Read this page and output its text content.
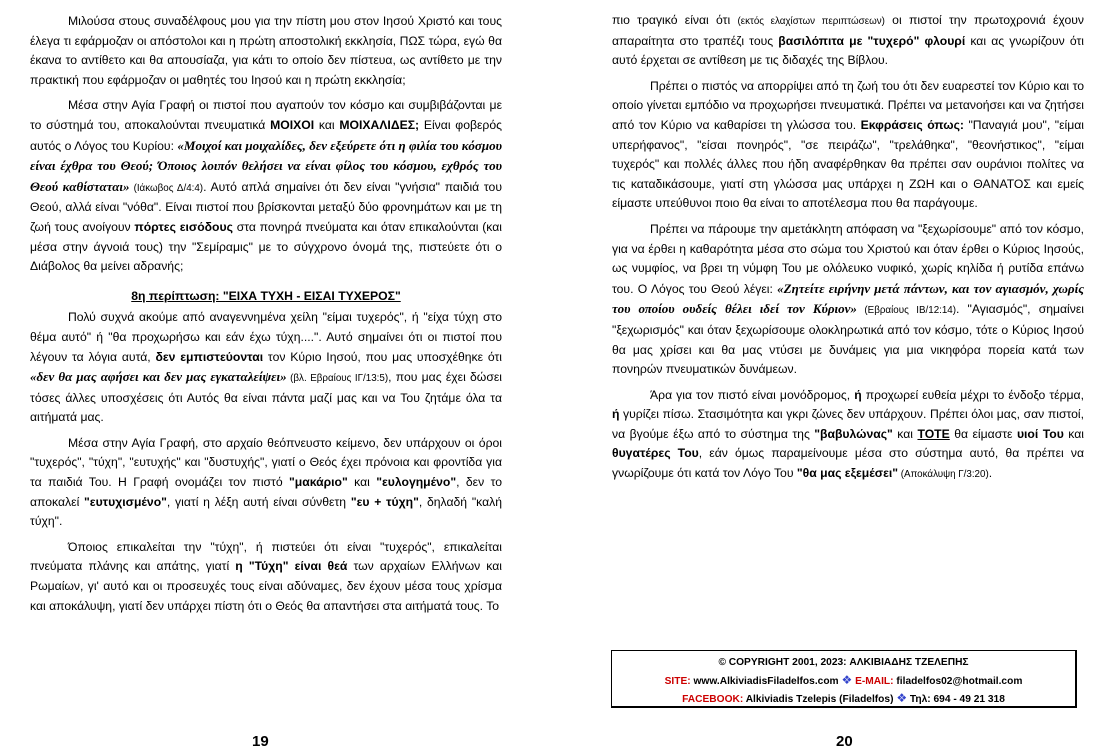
Μιλούσα στους συναδέλφους μου για την πίστη μου στον Ιησού Χριστό και τους έλεγα τι εφάρμοζαν οι απόστολοι και η πρώτη αποστολική εκκλησία, ΠΩΣ τώρα, εγώ θα έκανα το αντίθετο και θα απουσίαζα, για κάτι το οποίο δεν πίστευα, ως αντίθετο με την πρακτική που εφάρμοζαν οι μαθητές του Ιησού και η πρώτη εκκλησία;

Μέσα στην Αγία Γραφή οι πιστοί που αγαπούν τον κόσμο και συμβιβάζονται με το σύστημά του, αποκαλούνται πνευματικά ΜΟΙΧΟΙ και ΜΟΙΧΑΛΙΔΕΣ; Είναι φοβερός αυτός ο Λόγος του Κυρίου: «Μοιχοί και μοιχαλίδες, δεν εξεύρετε ότι η φιλία του κόσμου είναι έχθρα του Θεού; Όποιος λοιπόν θελήσει να είναι φίλος του κόσμου, εχθρός του Θεού καθίσταται» (Ιάκωβος Δ/4:4). Αυτό απλά σημαίνει ότι δεν είναι "γνήσια" παιδιά του Θεού, αλλά είναι "νόθα". Είναι πιστοί που βρίσκονται μεταξύ δύο φρονημάτων και με τη ζωή τους ανοίγουν πόρτες εισόδους στα πονηρά πνεύματα και όταν επικαλούνται (και μέσα στην άγνοιά τους) την "Σεμίραμις" με το σύγχρονο όνομά της, πιστεύετε ότι ο Διάβολος θα μείνει αδρανής;

8η περίπτωση: "ΕΙΧΑ ΤΥΧΗ - ΕΙΣΑΙ ΤΥΧΕΡΟΣ"

Πολύ συχνά ακούμε από αναγεννημένα χείλη "είμαι τυχερός", ή "είχα τύχη στο θέμα αυτό" ή "θα προχωρήσω και εάν έχω τύχη....". Αυτό σημαίνει ότι οι πιστοί που λέγουν τα λόγια αυτά, δεν εμπιστεύονται τον Κύριο Ιησού, που μας υποσχέθηκε ότι «δεν θα μας αφήσει και δεν μας εγκαταλείψει» (βλ. Εβραίους ΙΓ/13:5), που μας έχει δώσει τόσες άλλες υποσχέσεις ότι Αυτός θα είναι πάντα μαζί μας και να Του ζητάμε όλα τα αιτήματά μας.

Μέσα στην Αγία Γραφή, στο αρχαίο θεόπνευστο κείμενο, δεν υπάρχουν οι όροι "τυχερός", "τύχη", "ευτυχής" και "δυστυχής", γιατί ο Θεός έχει πρόνοια και φροντίδα για τα παιδιά Του. Η Γραφή ονομάζει τον πιστό "μακάριο" και "ευλογημένο", δεν το αποκαλεί "ευτυχισμένο", γιατί η λέξη αυτή είναι σύνθετη "ευ + τύχη", δηλαδή "καλή τύχη".

Όποιος επικαλείται την "τύχη", ή πιστεύει ότι είναι "τυχερός", επικαλείται πνεύματα πλάνης και απάτης, γιατί η "Τύχη" είναι θεά των αρχαίων Ελλήνων και Ρωμαίων, γι' αυτό και οι προσευχές τους είναι αδύναμες, δεν έχουν μέσα τους χρίσμα και αποκάλυψη, γιατί δεν υπάρχει πίστη ότι ο Θεός θα απαντήσει στα αιτήματά τους. Το

19

πιο τραγικό είναι ότι (εκτός ελαχίστων περιπτώσεων) οι πιστοί την πρωτοχρονιά έχουν απαραίτητα στο τραπέζι τους βασιλόπιτα με "τυχερό" φλουρί και ας γνωρίζουν ότι αυτό έρχεται σε αντίθεση με τις διδαχές της Βίβλου.

Πρέπει ο πιστός να απορρίψει από τη ζωή του ότι δεν ευαρεστεί τον Κύριο και το οποίο γίνεται εμπόδιο να προχωρήσει πνευματικά. Πρέπει να μετανοήσει και να ζητήσει από τον Κύριο να καθαρίσει τη γλώσσα του. Εκφράσεις όπως: "Παναγιά μου", "είμαι υπερήφανος", "είσαι πονηρός", "σε πειράζω", "τρελάθηκα", "θεονήστικος", "είμαι τυχερός" και πολλές άλλες που ήδη αναφέρθηκαν θα πρέπει σαν ουράνιοι πολίτες να τις καταδικάσουμε, γιατί στη γλώσσα μας υπάρχει η ΖΩΗ και ο ΘΑΝΑΤΟΣ και εμείς είμαστε υπεύθυνοι ποιο θα είναι το αποτέλεσμα που θα παράγουμε.

Πρέπει να πάρουμε την αμετάκλητη απόφαση να "ξεχωρίσουμε" από τον κόσμο, για να έρθει η καθαρότητα μέσα στο σώμα του Χριστού και όταν έρθει ο Κύριος Ιησούς, ως νυμφίος, να βρει τη νύμφη Του με ολόλευκο νυφικό, χωρίς κηλίδα ή ρυτίδα επάνω του. Ο Λόγος του Θεού λέγει: «Ζητείτε ειρήνην μετά πάντων, και τον αγιασμόν, χωρίς του οποίου ουδείς θέλει ιδεί τον Κύριον» (Εβραίους ΙΒ/12:14). "Αγιασμός", σημαίνει "ξεχωρισμός" και όταν ξεχωρίσουμε ολοκληρωτικά από τον κόσμο, τότε ο Κύριος Ιησού θα μας χρίσει και θα μας ντύσει με δυνάμεις για μια νικηφόρα πορεία κατά των πονηρών πνευματικών δυνάμεων.

Άρα για τον πιστό είναι μονόδρομος, ή προχωρεί ευθεία μέχρι το ένδοξο τέρμα, ή γυρίζει πίσω. Στασιμότητα και γκρι ζώνες δεν υπάρχουν. Πρέπει όλοι μας, σαν πιστοί, να βγούμε έξω από το σύστημα της "βαβυλώνας" και ΤΟΤΕ θα είμαστε υιοί Του και θυγατέρες Του, εάν όμως παραμείνουμε μέσα στο σύστημα αυτό, θα πρέπει να γνωρίζουμε ότι κατά τον Λόγο Του "θα μας εξεμέσει" (Αποκάλυψη Γ/3:20).

© COPYRIGHT 2001, 2023: ΑΛΚΙΒΙΑΔΗΣ ΤΖΕΛΕΠΗΣ
SITE: www.AlkiviadisFiladelfos.com ❖ E-MAIL: filadelfos02@hotmail.com
FACEBOOK: Alkiviadis Tzelepis (Filadelfos) ❖ Τηλ: 694 - 49 21 318
20
